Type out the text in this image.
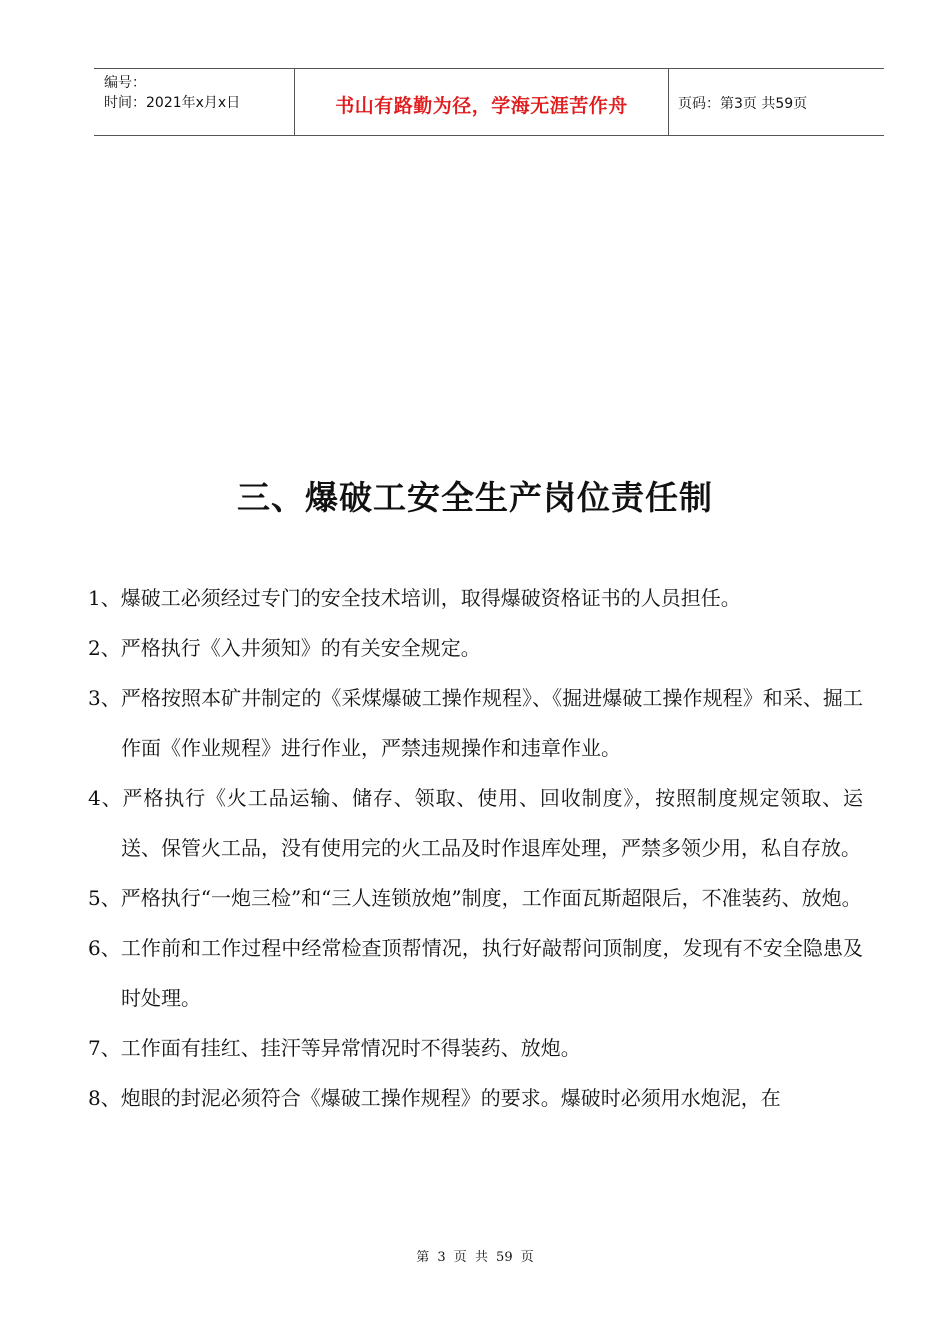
编号：
时间：2021年x月x日	书山有路勤为径，学海无涯苦作舟	页码：第3页 共59页
三、爆破工安全生产岗位责任制
1、爆破工必须经过专门的安全技术培训，取得爆破资格证书的人员担任。
2、严格执行《入井须知》的有关安全规定。
3、严格按照本矿井制定的《采煤爆破工操作规程》、《掘进爆破工操作规程》和采、掘工作面《作业规程》进行作业，严禁违规操作和违章作业。
4、严格执行《火工品运输、储存、领取、使用、回收制度》，按照制度规定领取、运送、保管火工品，没有使用完的火工品及时作退库处理，严禁多领少用，私自存放。
5、严格执行“一炮三检”和“三人连锁放炮”制度，工作面瓦斯超限后，不准装药、放炮。
6、工作前和工作过程中经常检查顶帮情况，执行好敲帮问顶制度，发现有不安全隐患及时处理。
7、工作面有挂红、挂汗等异常情况时不得装药、放炮。
8、炮眼的封泥必须符合《爆破工操作规程》的要求。爆破时必须用水炮泥，在
第 3 页 共 59 页
